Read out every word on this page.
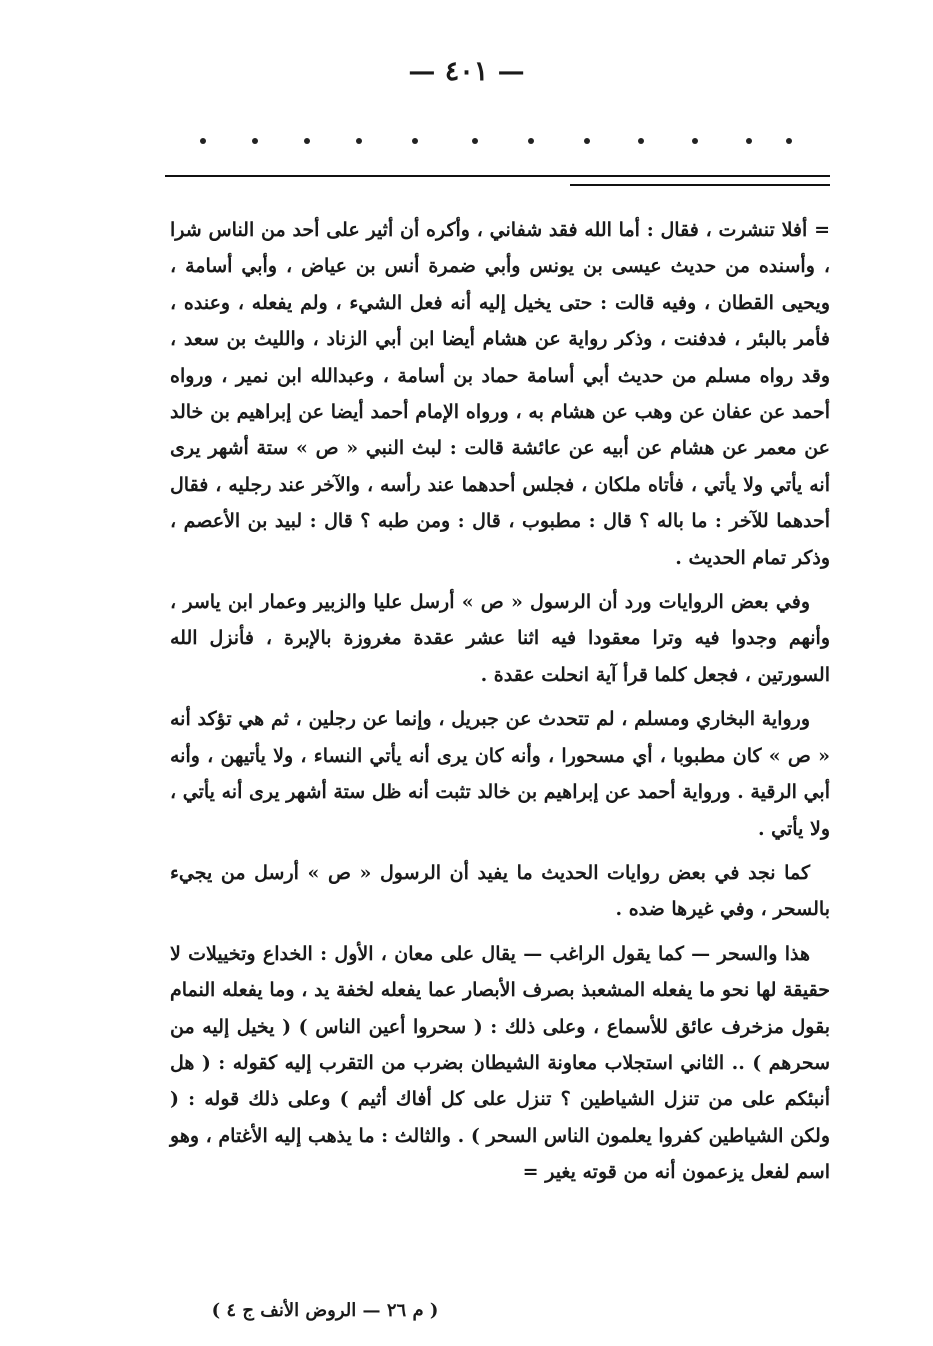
— ٤٠١ —

= أفلا تنشرت ، فقال : أما الله فقد شفاني ، وأكره أن أثير على أحد من الناس شرا ، وأسنده من حديث عيسى بن يونس وأبي ضمرة أنس بن عياض ، وأبي أسامة ، ويحيى القطان ، وفيه قالت : حتى يخيل إليه أنه فعل الشيء ، ولم يفعله ، وعنده ، فأمر بالبئر ، فدفنت ، وذكر رواية عن هشام أيضا ابن أبي الزناد ، والليث بن سعد ، وقد رواه مسلم من حديث أبي أسامة حماد بن أسامة ، وعبدالله ابن نمير ، ورواه أحمد عن عفان عن وهب عن هشام به ، ورواه الإمام أحمد أيضا عن إبراهيم بن خالد عن معمر عن هشام عن أبيه عن عائشة قالت : لبث النبي « ص » ستة أشهر يرى أنه يأتي ولا يأتي ، فأتاه ملكان ، فجلس أحدهما عند رأسه ، والآخر عند رجليه ، فقال أحدهما للآخر : ما باله ؟ قال : مطبوب ، قال : ومن طبه ؟ قال : لبيد بن الأعصم ، وذكر تمام الحديث .

وفي بعض الروايات ورد أن الرسول « ص » أرسل عليا والزبير وعمار ابن ياسر ، وأنهم وجدوا فيه وترا معقودا فيه اثنا عشر عقدة مغروزة بالإبرة ، فأنزل الله السورتين ، فجعل كلما قرأ آية انحلت عقدة .

ورواية البخاري ومسلم ، لم تتحدث عن جبريل ، وإنما عن رجلين ، ثم هي تؤكد أنه « ص » كان مطبوبا ، أي مسحورا ، وأنه كان يرى أنه يأتي النساء ، ولا يأتيهن ، وأنه أبي الرقية . ورواية أحمد عن إبراهيم بن خالد تثبت أنه ظل ستة أشهر يرى أنه يأتي ، ولا يأتي .

كما نجد في بعض روايات الحديث ما يفيد أن الرسول « ص » أرسل من يجيء بالسحر ، وفي غيرها ضده .

هذا والسحر — كما يقول الراغب — يقال على معان ، الأول : الخداع وتخييلات لا حقيقة لها نحو ما يفعله المشعبذ بصرف الأبصار عما يفعله لخفة يد ، وما يفعله النمام بقول مزخرف عائق للأسماع ، وعلى ذلك : ( سحروا أعين الناس ) ( يخيل إليه من سحرهم ) .. الثاني استجلاب معاونة الشيطان بضرب من التقرب إليه كقوله : ( هل أنبئكم على من تنزل الشياطين ؟ تنزل على كل أفاك أثيم ) وعلى ذلك قوله : ( ولكن الشياطين كفروا يعلمون الناس السحر ) . والثالث : ما يذهب إليه الأغتام ، وهو اسم لفعل يزعمون أنه من قوته يغير =

( م ٢٦ — الروض الأنف ج ٤ )
